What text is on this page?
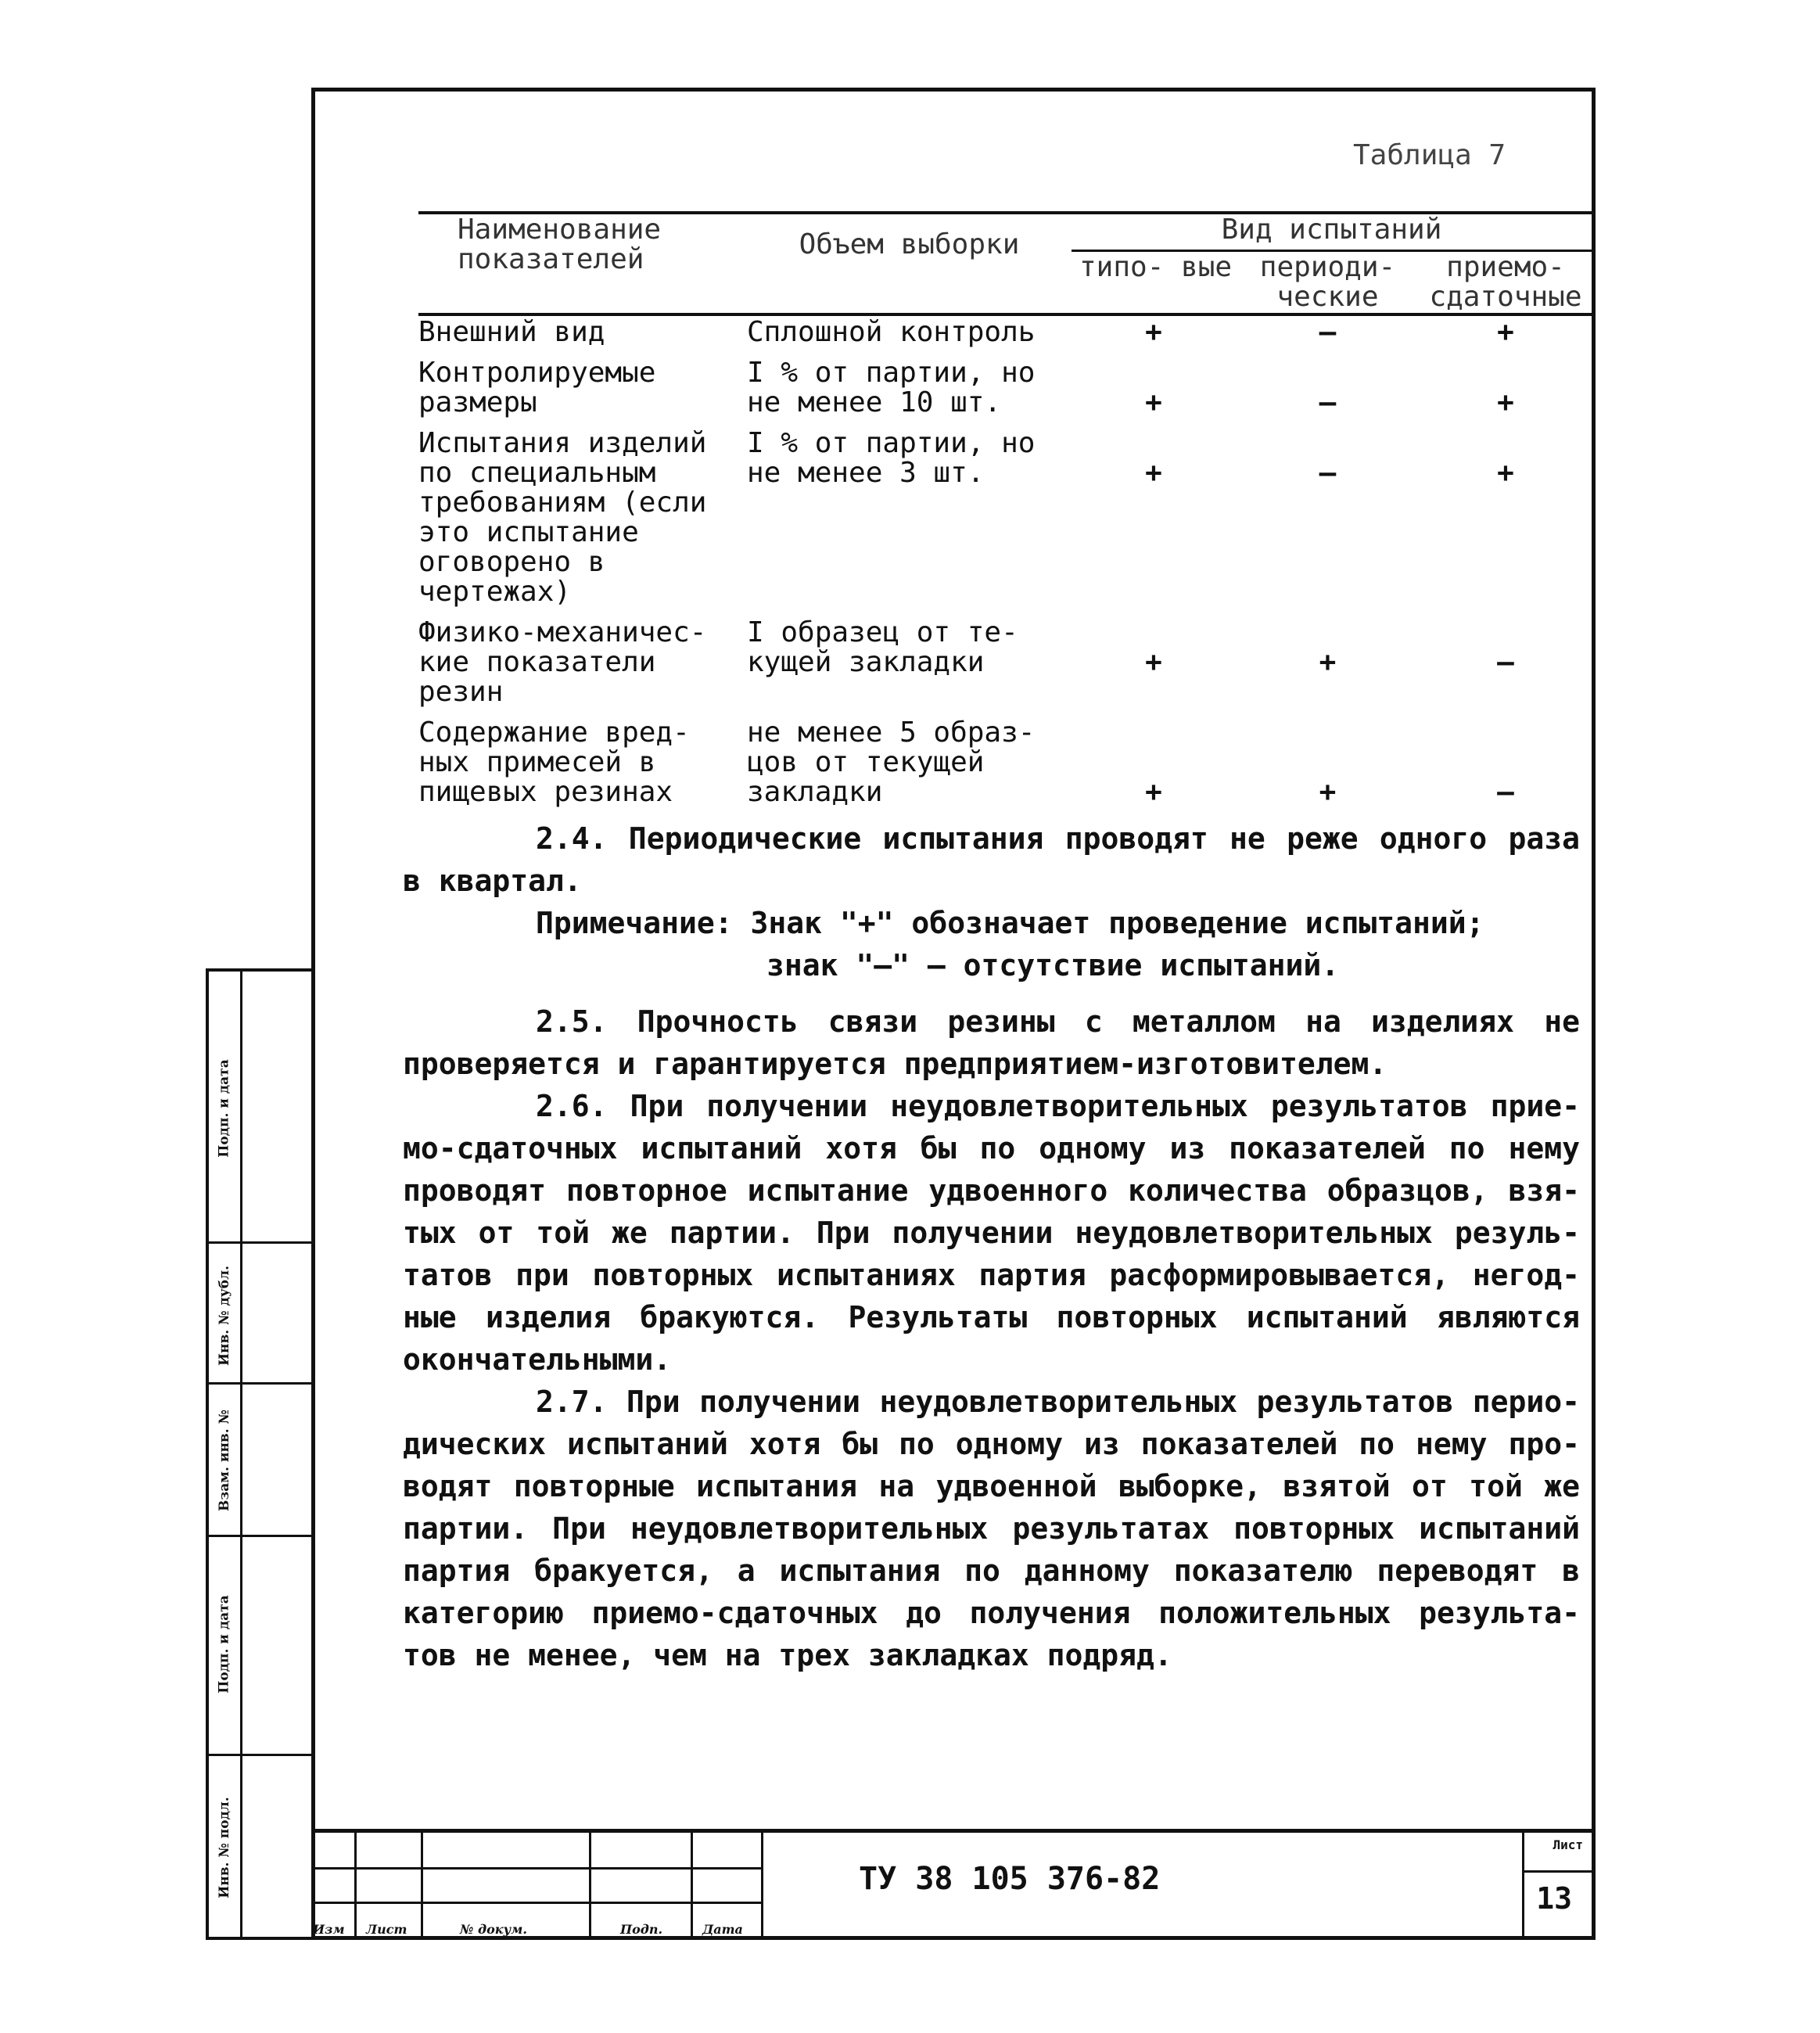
Подп. и дата
Инв. № дубл.
Взам. инв. №
Подп. и дата
Инв. № подл.
Таблица 7
Наименование показателей	Объем выборки	Вид испытаний		
		типо- вые	периоди- ческие	приемо- сдаточные
Внешний вид	Сплошной контроль	+	–	+
Контролируемые размеры	I % от партии, но не менее 10 шт.	+	–	+
Испытания изделий по специальным требованиям (если это испытание оговорено в чертежах)	I % от партии, но не менее 3 шт.	+	–	+
Физико-механичес- кие показатели резин	I образец от те- кущей закладки	+	+	–
Содержание вред- ных примесей в пищевых резинах	не менее 5 образ- цов от текущей закладки	+	+	–

2.4. Периодические испытания проводят не реже одного раза в квартал.

Примечание: Знак "+" обозначает проведение испытаний;

знак "–" – отсутствие испытаний.

2.5. Прочность связи резины с металлом на изделиях не проверяется и гарантируется предприятием-изготовителем.

2.6. При получении неудовлетворительных результатов прие- мо-сдаточных испытаний хотя бы по одному из показателей по нему проводят повторное испытание удвоенного количества образцов, взя- тых от той же партии. При получении неудовлетворительных резуль- татов при повторных испытаниях партия расформировывается, негод- ные изделия бракуются. Результаты повторных испытаний являются окончательными.

2.7. При получении неудовлетворительных результатов перио- дических испытаний хотя бы по одному из показателей по нему про- водят повторные испытания на удвоенной выборке, взятой от той же партии. При неудовлетворительных результатах повторных испытаний партия бракуется, а испытания по данному показателю переводят в категорию приемо-сдаточных до получения положительных результа- тов не менее, чем на трех закладках подряд.

Изм Лист	№ докум.	Подп.	Дата
ТУ 38 105 376-82
Лист
13
